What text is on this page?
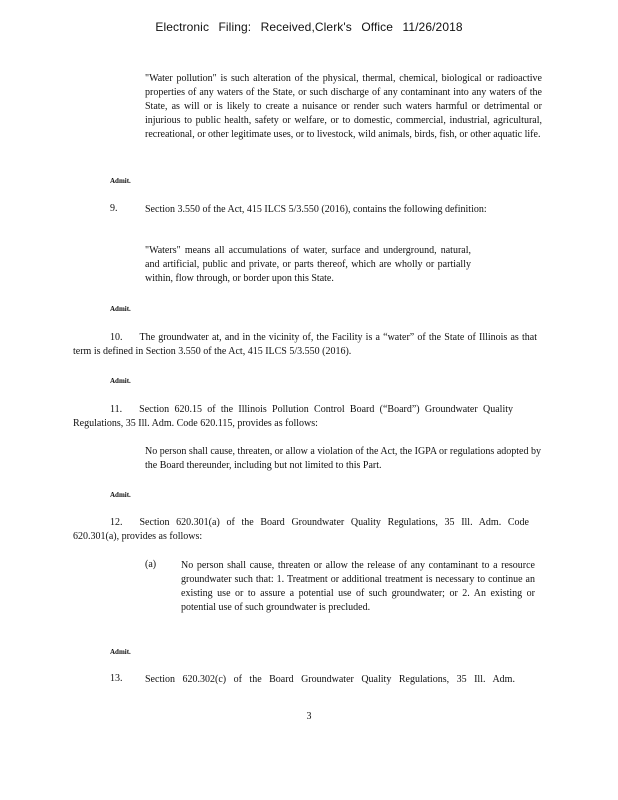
Electronic Filing: Received,Clerk's Office 11/26/2018
"Water pollution" is such alteration of the physical, thermal, chemical, biological or radioactive properties of any waters of the State, or such discharge of any contaminant into any waters of the State, as will or is likely to create a nuisance or render such waters harmful or detrimental or injurious to public health, safety or welfare, or to domestic, commercial, industrial, agricultural, recreational, or other legitimate uses, or to livestock, wild animals, birds, fish, or other aquatic life.
Admit.
9.	Section 3.550 of the Act, 415 ILCS 5/3.550 (2016), contains the following definition:
"Waters" means all accumulations of water, surface and underground, natural, and artificial, public and private, or parts thereof, which are wholly or partially within, flow through, or border upon this State.
Admit.
10. The groundwater at, and in the vicinity of, the Facility is a “water” of the State of Illinois as that term is defined in Section 3.550 of the Act, 415 ILCS 5/3.550 (2016).
Admit.
11. Section 620.15 of the Illinois Pollution Control Board (“Board”) Groundwater Quality Regulations, 35 Ill. Adm. Code 620.115, provides as follows:
No person shall cause, threaten, or allow a violation of the Act, the IGPA or regulations adopted by the Board thereunder, including but not limited to this Part.
Admit.
12. Section 620.301(a) of the Board Groundwater Quality Regulations, 35 Ill. Adm. Code 620.301(a), provides as follows:
(a) No person shall cause, threaten or allow the release of any contaminant to a resource groundwater such that: 1. Treatment or additional treatment is necessary to continue an existing use or to assure a potential use of such groundwater; or 2. An existing or potential use of such groundwater is precluded.
Admit.
13. Section 620.302(c) of the Board Groundwater Quality Regulations, 35 Ill. Adm.
3
